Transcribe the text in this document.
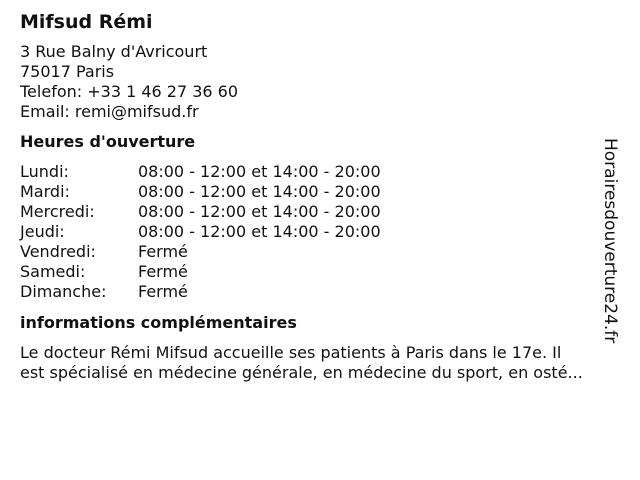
Mifsud Rémi
3 Rue Balny d'Avricourt
75017 Paris
Telefon: +33 1 46 27 36 60
Email: remi@mifsud.fr
Heures d'ouverture
Lundi:	08:00 - 12:00 et 14:00 - 20:00
Mardi:	08:00 - 12:00 et 14:00 - 20:00
Mercredi:	08:00 - 12:00 et 14:00 - 20:00
Jeudi:	08:00 - 12:00 et 14:00 - 20:00
Vendredi:	Fermé
Samedi:	Fermé
Dimanche:	Fermé
informations complémentaires
Le docteur Rémi Mifsud accueille ses patients à Paris dans le 17e. Il
est spécialisé en médecine générale, en médecine du sport, en osté...
Horairesdouverture24.fr
